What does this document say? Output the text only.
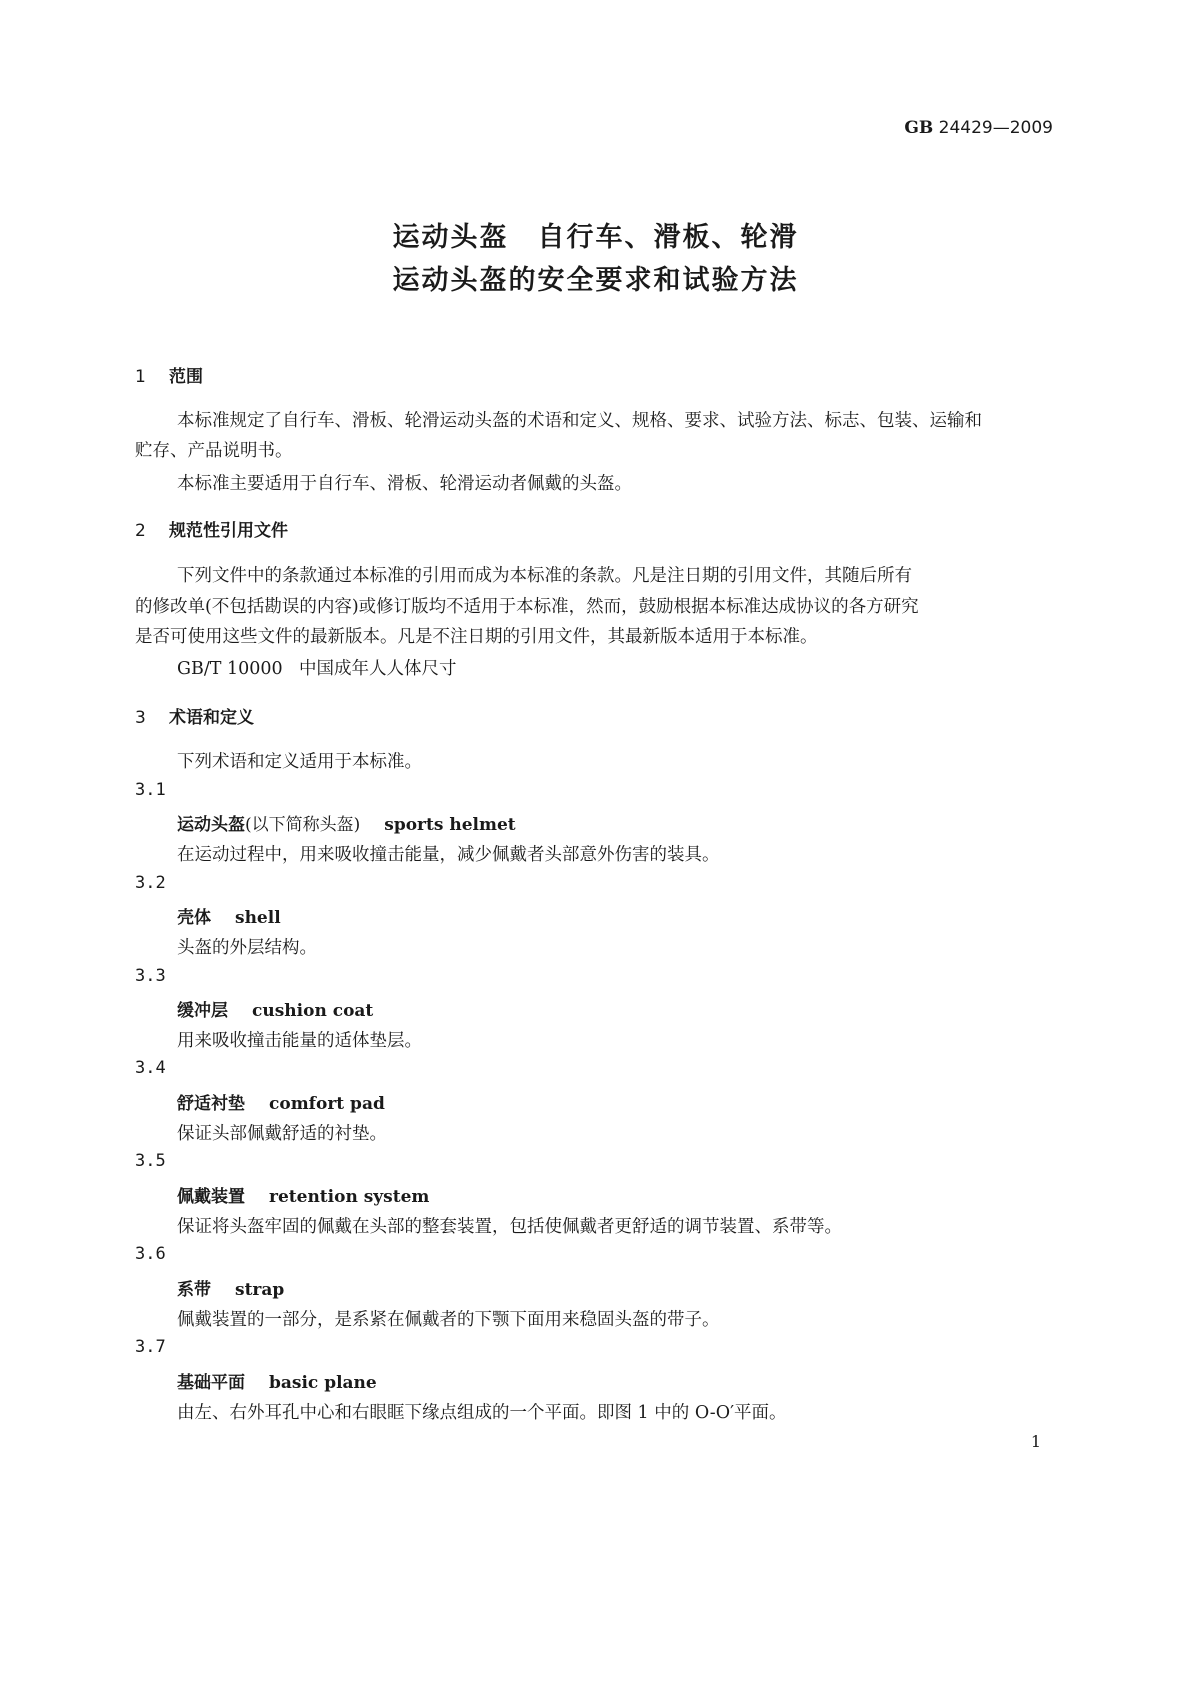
GB 24429—2009
运动头盔　自行车、滑板、轮滑
运动头盔的安全要求和试验方法
1 范围
本标准规定了自行车、滑板、轮滑运动头盔的术语和定义、规格、要求、试验方法、标志、包装、运输和
贮存、产品说明书。
本标准主要适用于自行车、滑板、轮滑运动者佩戴的头盔。
2 规范性引用文件
下列文件中的条款通过本标准的引用而成为本标准的条款。凡是注日期的引用文件，其随后所有
的修改单(不包括勘误的内容)或修订版均不适用于本标准，然而，鼓励根据本标准达成协议的各方研究
是否可使用这些文件的最新版本。凡是不注日期的引用文件，其最新版本适用于本标准。
GB/T 10000 中国成年人人体尺寸
3 术语和定义
下列术语和定义适用于本标准。
3.1
运动头盔(以下简称头盔) sports helmet
在运动过程中，用来吸收撞击能量，减少佩戴者头部意外伤害的装具。
3.2
壳体 shell
头盔的外层结构。
3.3
缓冲层 cushion coat
用来吸收撞击能量的适体垫层。
3.4
舒适衬垫 comfort pad
保证头部佩戴舒适的衬垫。
3.5
佩戴装置 retention system
保证将头盔牢固的佩戴在头部的整套装置，包括使佩戴者更舒适的调节装置、系带等。
3.6
系带 strap
佩戴装置的一部分，是系紧在佩戴者的下颚下面用来稳固头盔的带子。
3.7
基础平面 basic plane
由左、右外耳孔中心和右眼眶下缘点组成的一个平面。即图 1 中的 O-O′平面。
1
